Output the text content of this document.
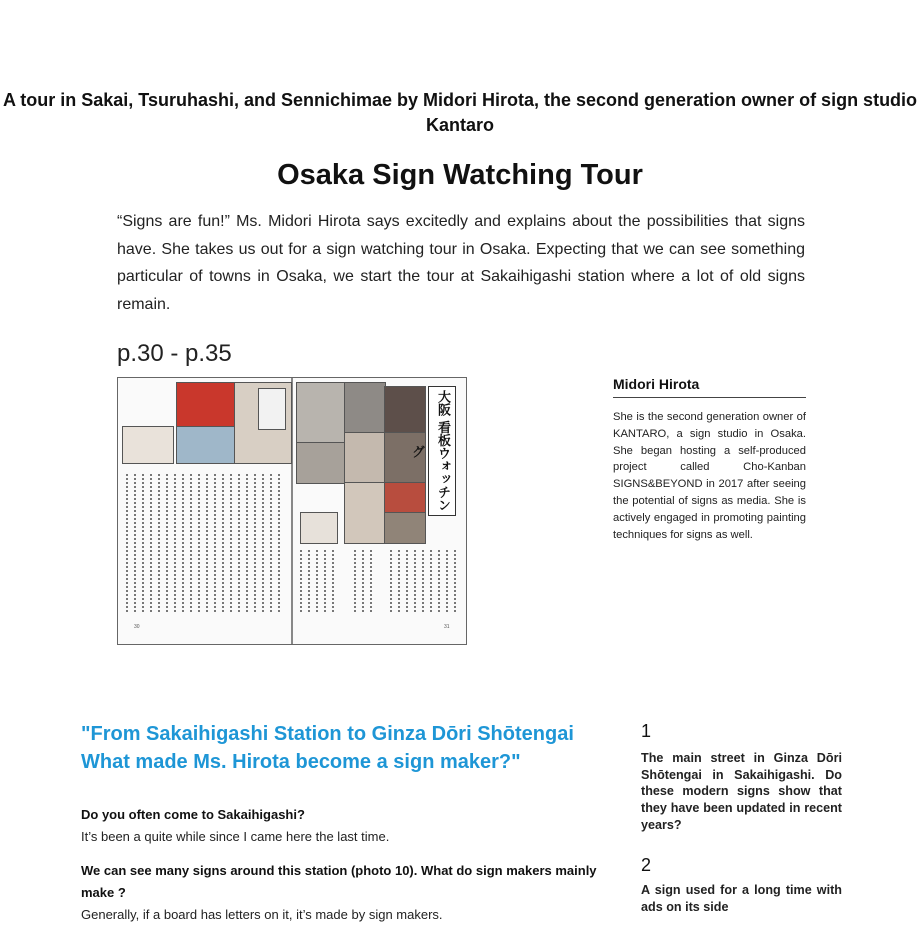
A tour in Sakai, Tsuruhashi, and Sennichimae by Midori Hirota, the second generation owner of sign studio Kantaro
Osaka Sign Watching Tour

“Signs are fun!” Ms. Midori Hirota says excitedly and explains about the possibilities that signs have. She takes us out for a sign watching tour in Osaka. Expecting that we can see something particular of towns in Osaka, we start the tour at Sakaihigashi station where a lot of old signs remain.

p.30 - p.35
大阪 看板ウォッチング
30	31
Midori Hirota
She is the second generation owner of KANTARO, a sign studio in Osaka. She began hosting a self-produced project called Cho-Kanban SIGNS&BEYOND in 2017 after seeing the potential of signs as media. She is actively engaged in promoting painting techniques for signs as well.
"From Sakaihigashi Station to Ginza Dōri Shōtengai What made Ms. Hirota become a sign maker?"
Do you often come to Sakaihigashi?
It’s been a quite while since I came here the last time.
We can see many signs around this station (photo 10). What do sign makers mainly make ?
Generally, if a board has letters on it, it’s made by sign makers.
1
The main street in Ginza Dōri Shōtengai in Sakaihigashi. Do these modern signs show that they have been updated in recent years?
2
A sign used for a long time with ads on its side
